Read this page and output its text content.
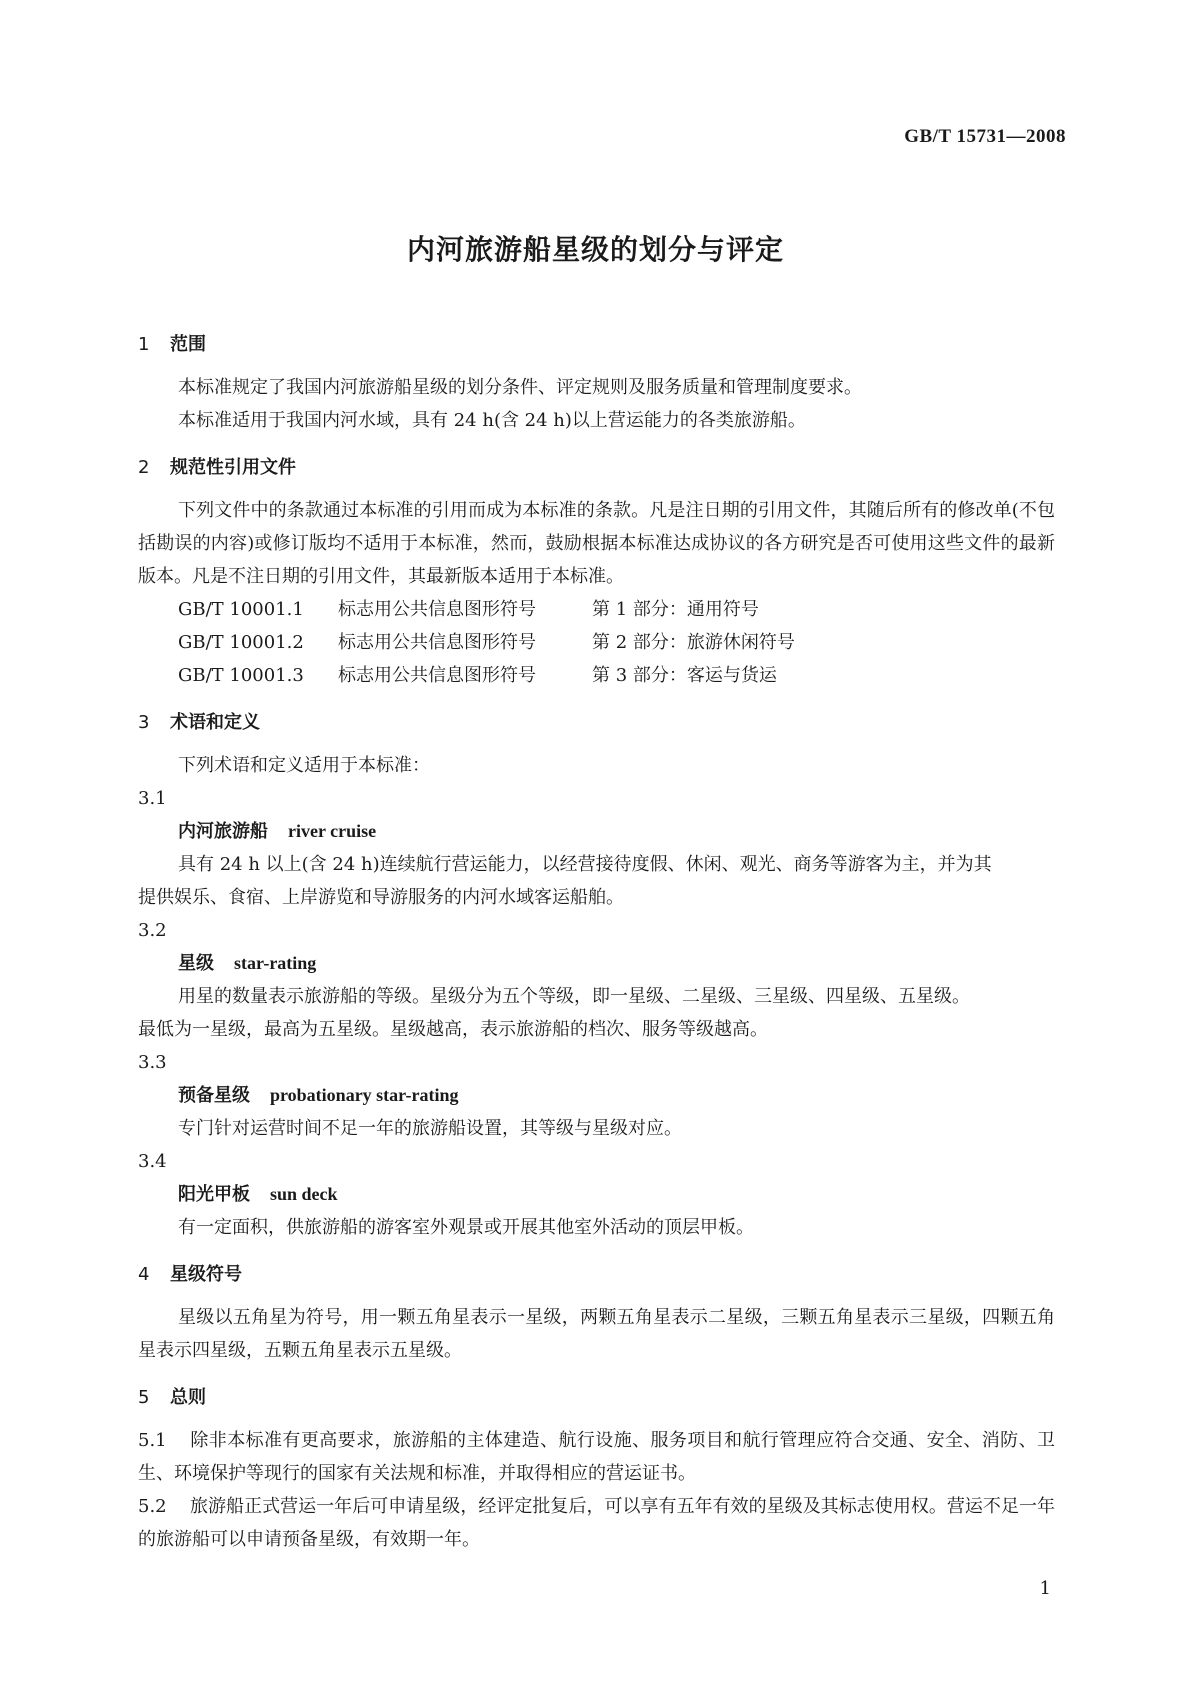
GB/T 15731—2008
内河旅游船星级的划分与评定
1 范围
本标准规定了我国内河旅游船星级的划分条件、评定规则及服务质量和管理制度要求。
本标准适用于我国内河水域，具有 24 h(含 24 h)以上营运能力的各类旅游船。
2 规范性引用文件
下列文件中的条款通过本标准的引用而成为本标准的条款。凡是注日期的引用文件，其随后所有的修改单(不包括勘误的内容)或修订版均不适用于本标准，然而，鼓励根据本标准达成协议的各方研究是否可使用这些文件的最新版本。凡是不注日期的引用文件，其最新版本适用于本标准。
GB/T 10001.1 标志用公共信息图形符号	第 1 部分：通用符号
GB/T 10001.2 标志用公共信息图形符号	第 2 部分：旅游休闲符号
GB/T 10001.3 标志用公共信息图形符号	第 3 部分：客运与货运
3 术语和定义
下列术语和定义适用于本标准：
3.1
内河旅游船 river cruise
具有 24 h 以上(含 24 h)连续航行营运能力，以经营接待度假、休闲、观光、商务等游客为主，并为其
提供娱乐、食宿、上岸游览和导游服务的内河水域客运船舶。
3.2
星级 star-rating
用星的数量表示旅游船的等级。星级分为五个等级，即一星级、二星级、三星级、四星级、五星级。
最低为一星级，最高为五星级。星级越高，表示旅游船的档次、服务等级越高。
3.3
预备星级 probationary star-rating
专门针对运营时间不足一年的旅游船设置，其等级与星级对应。
3.4
阳光甲板 sun deck
有一定面积，供旅游船的游客室外观景或开展其他室外活动的顶层甲板。
4 星级符号
星级以五角星为符号，用一颗五角星表示一星级，两颗五角星表示二星级，三颗五角星表示三星级，四颗五角星表示四星级，五颗五角星表示五星级。
5 总则
5.1 除非本标准有更高要求，旅游船的主体建造、航行设施、服务项目和航行管理应符合交通、安全、消防、卫生、环境保护等现行的国家有关法规和标准，并取得相应的营运证书。
5.2 旅游船正式营运一年后可申请星级，经评定批复后，可以享有五年有效的星级及其标志使用权。营运不足一年的旅游船可以申请预备星级，有效期一年。
1
